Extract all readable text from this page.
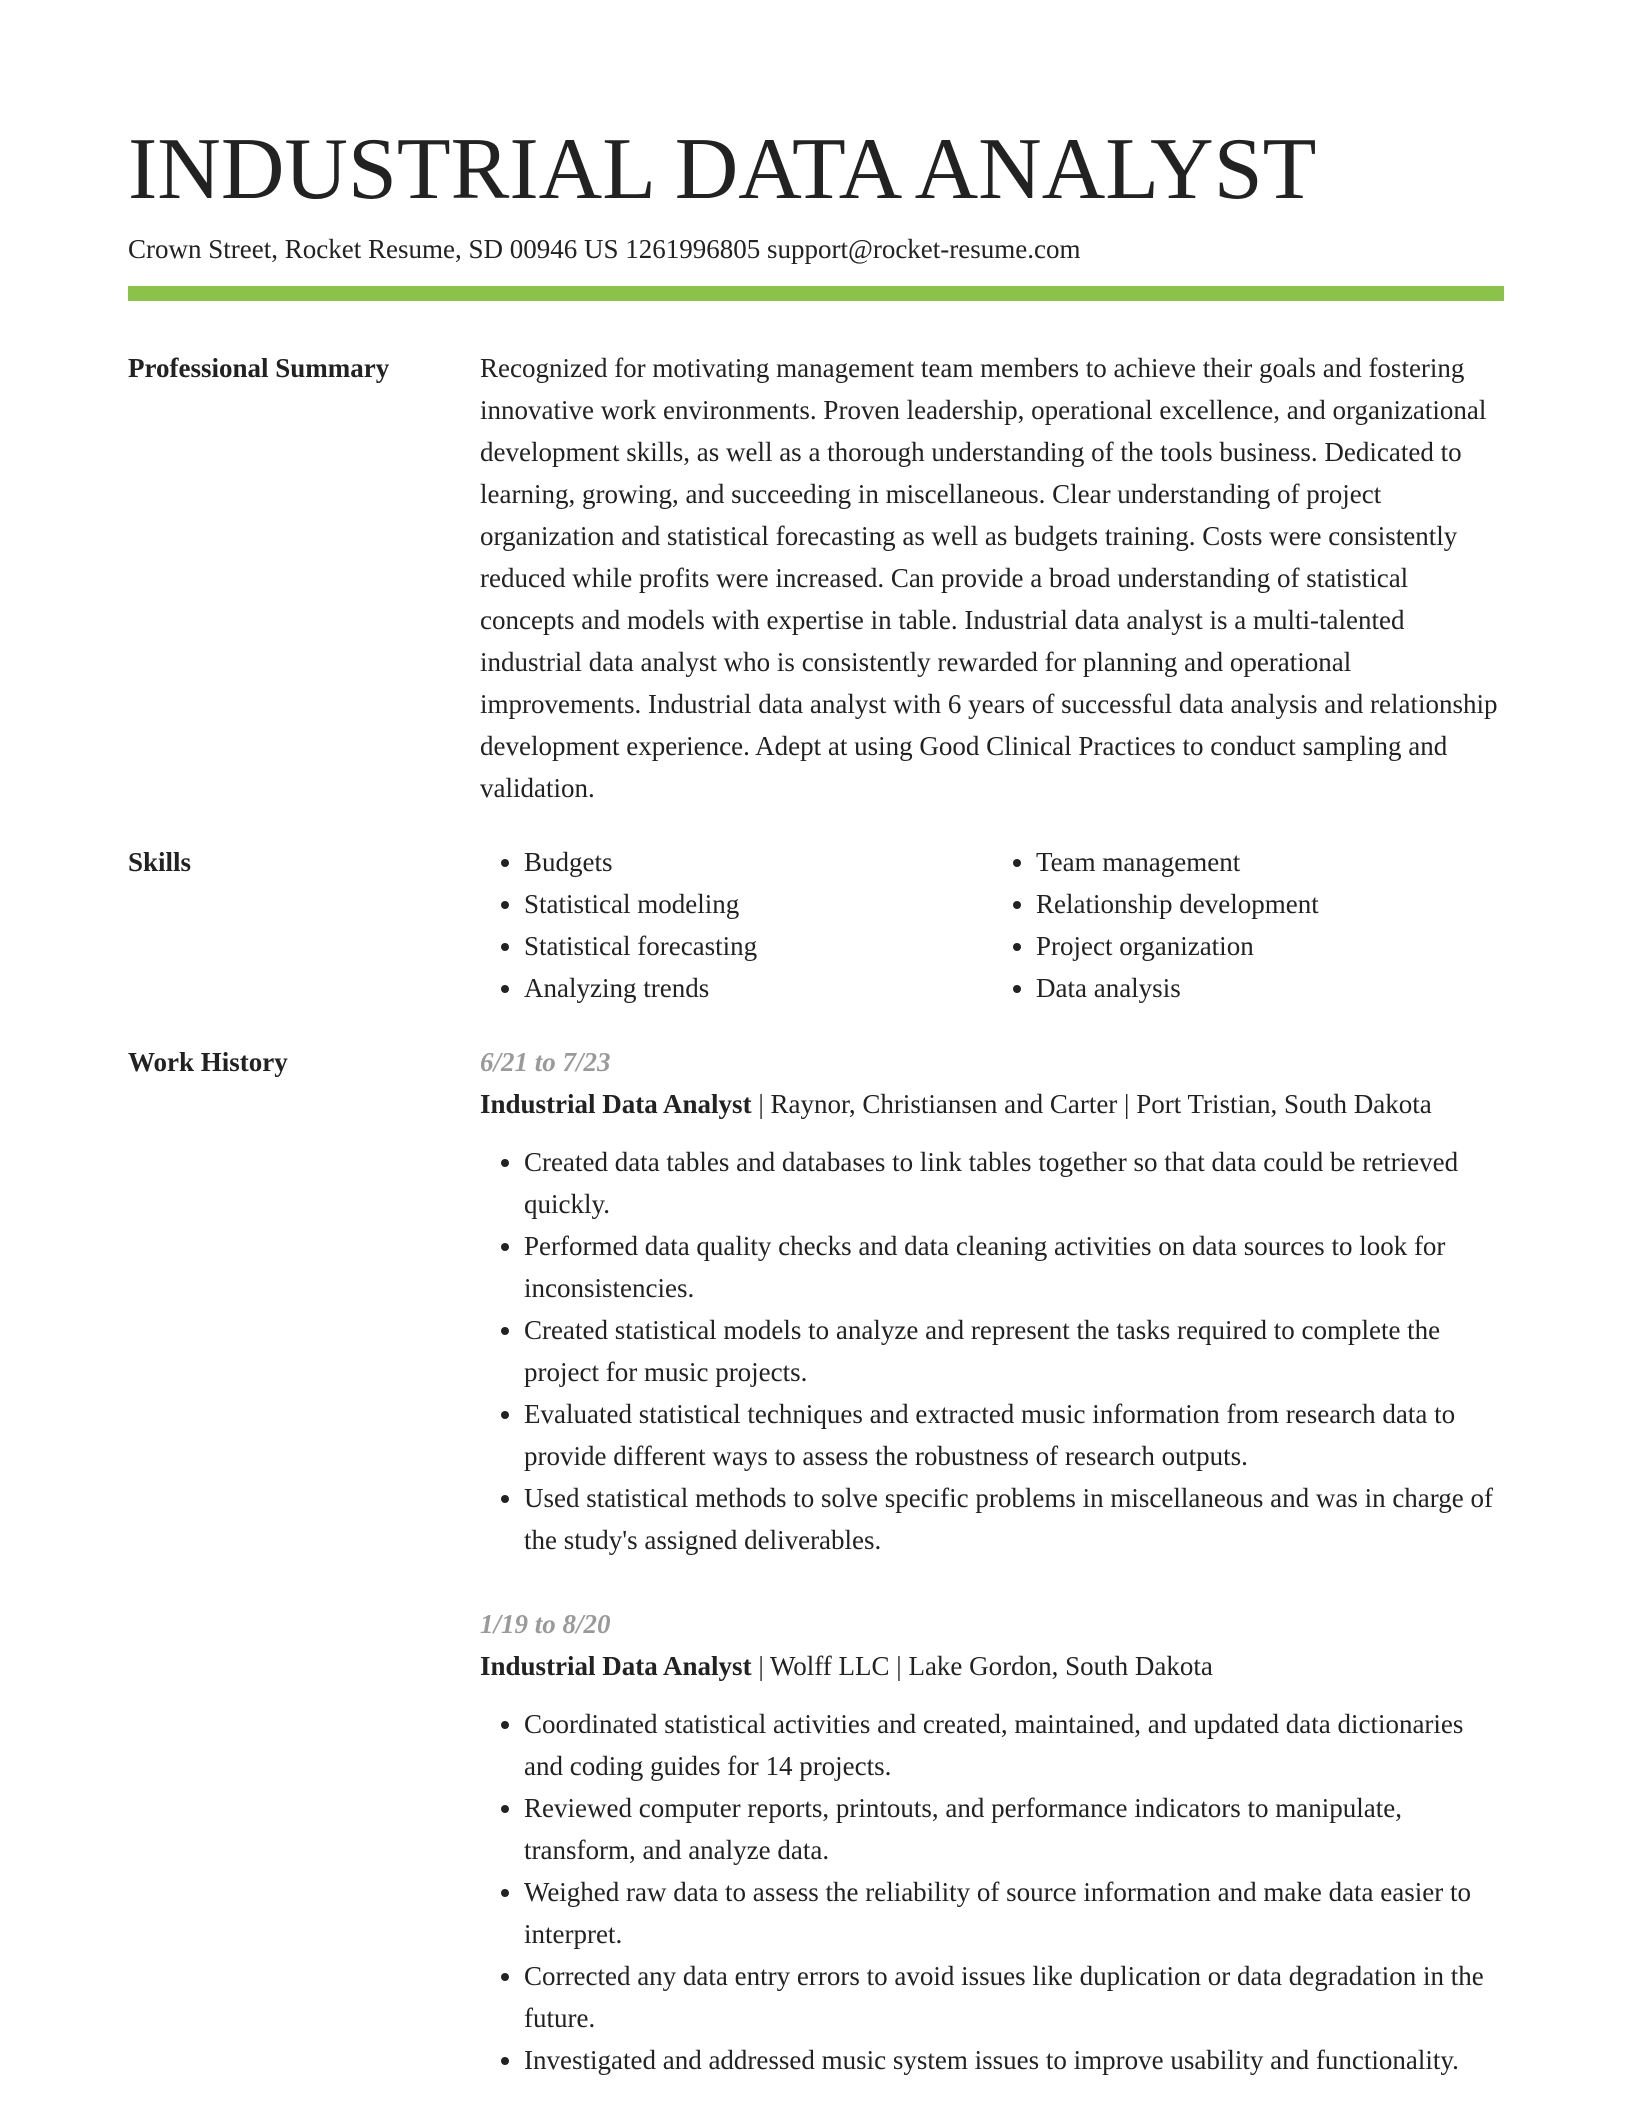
INDUSTRIAL DATA ANALYST
Crown Street, Rocket Resume, SD 00946 US 1261996805 support@rocket-resume.com
Professional Summary	Recognized for motivating management team members to achieve their goals and fostering innovative work environments. Proven leadership, operational excellence, and organizational development skills, as well as a thorough understanding of the tools business. Dedicated to learning, growing, and succeeding in miscellaneous. Clear understanding of project organization and statistical forecasting as well as budgets training. Costs were consistently reduced while profits were increased. Can provide a broad understanding of statistical concepts and models with expertise in table. Industrial data analyst is a multi-talented industrial data analyst who is consistently rewarded for planning and operational improvements. Industrial data analyst with 6 years of successful data analysis and relationship development experience. Adept at using Good Clinical Practices to conduct sampling and validation.

Skills
•	Budgets
• Statistical modeling
• Statistical forecasting
• Analyzing trends
• Team management
• Relationship development
• Project organization
• Data analysis
Work History	6/21 to 7/23
Industrial Data Analyst | Raynor, Christiansen and Carter | Port Tristian, South Dakota
• Created data tables and databases to link tables together so that data could be retrieved quickly.
• Performed data quality checks and data cleaning activities on data sources to look for inconsistencies.
• Created statistical models to analyze and represent the tasks required to complete the project for music projects.
• Evaluated statistical techniques and extracted music information from research data to provide different ways to assess the robustness of research outputs.
• Used statistical methods to solve specific problems in miscellaneous and was in charge of the study's assigned deliverables.
1/19 to 8/20
Industrial Data Analyst | Wolff LLC | Lake Gordon, South Dakota
• Coordinated statistical activities and created, maintained, and updated data dictionaries and coding guides for 14 projects.
• Reviewed computer reports, printouts, and performance indicators to manipulate, transform, and analyze data.
• Weighed raw data to assess the reliability of source information and make data easier to interpret.
• Corrected any data entry errors to avoid issues like duplication or data degradation in the future.
• Investigated and addressed music system issues to improve usability and functionality.
